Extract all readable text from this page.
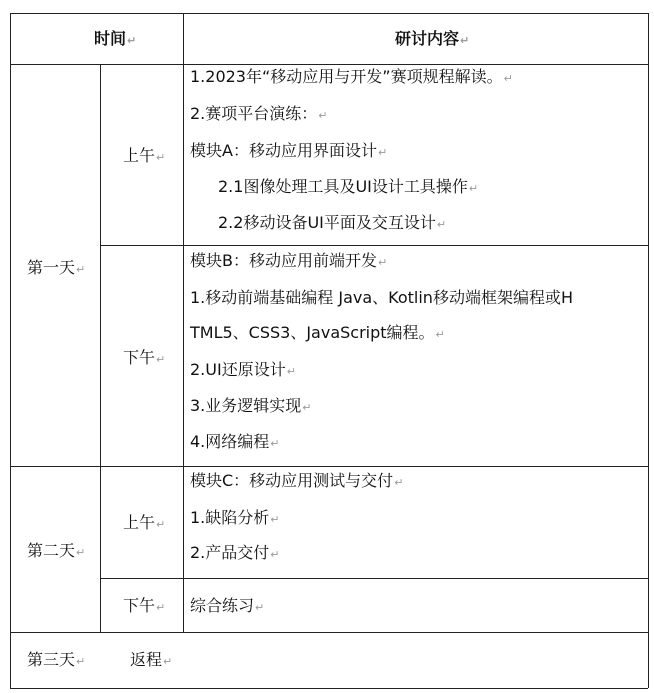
时间↵	研讨内容↵
第一天↵
上午↵
1.2023年“移动应用与开发”赛项规程解读。↵
2.赛项平台演练：↵
模块A：移动应用界面设计↵
2.1图像处理工具及UI设计工具操作↵
2.2移动设备UI平面及交互设计↵
下午↵
模块B：移动应用前端开发↵
1.移动前端基础编程 Java、Kotlin移动端框架编程或H
TML5、CSS3、JavaScript编程。↵
2.UI还原设计↵
3.业务逻辑实现↵
4.网络编程↵
第二天↵
上午↵
模块C：移动应用测试与交付↵
1.缺陷分析↵
2.产品交付↵
下午↵ 综合练习↵
第三天↵	返程↵
